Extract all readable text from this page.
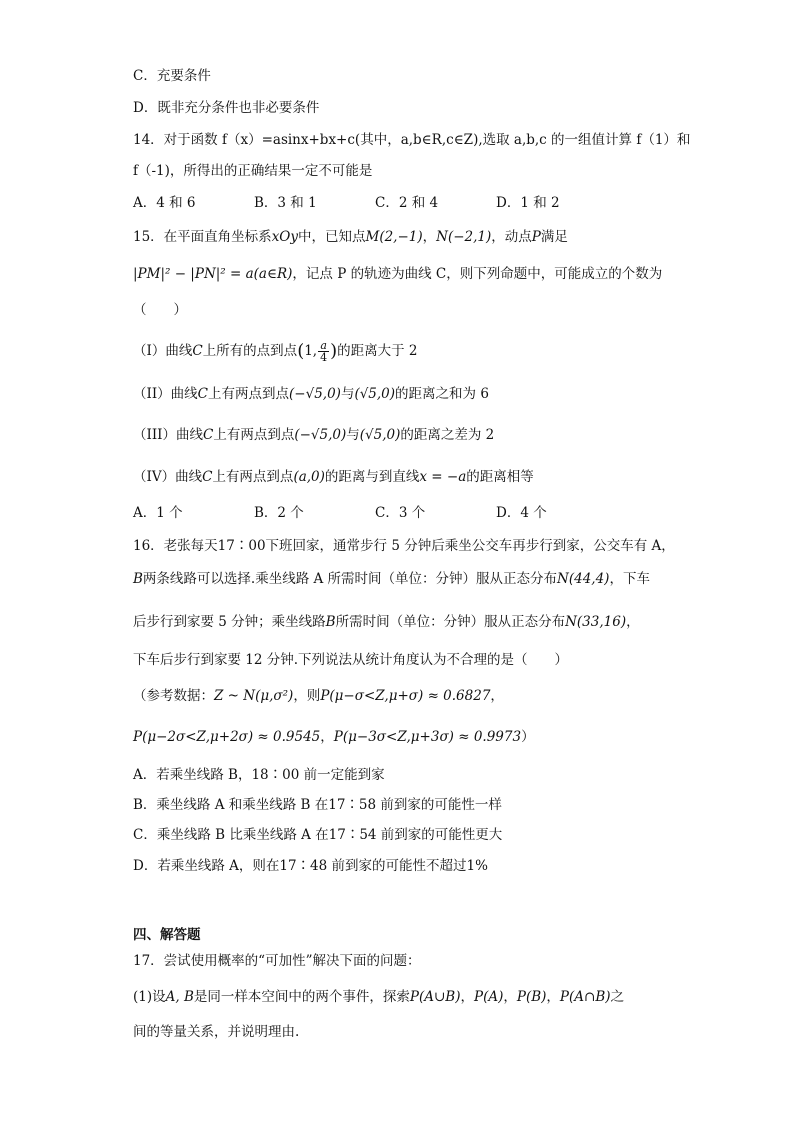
C．充要条件
D．既非充分条件也非必要条件
14．对于函数 f（x）=asinx+bx+c(其中，a,b∈R,c∈Z),选取 a,b,c 的一组值计算 f（1）和
f（-1)，所得出的正确结果一定不可能是
A．4 和 6	B．3 和 1	C．2 和 4	D．1 和 2
15．在平面直角坐标系xOy中，已知点M(2,−1)，N(−2,1)，动点P满足
|PM|² − |PN|² = a(a∈R)，记点 P 的轨迹为曲线 C，则下列命题中，可能成立的个数为
（　　）
（I）曲线C上所有的点到点(1, $\frac{a}{4}$ )的距离大于 2
（II）曲线C上有两点到点(−√5,0)与(√5,0)的距离之和为 6
（III）曲线C上有两点到点(−√5,0)与(√5,0)的距离之差为 2
（IV）曲线C上有两点到点(a,0)的距离与到直线x = −a的距离相等
A．1 个	B．2 个	C．3 个	D．4 个
16．老张每天17∶00下班回家，通常步行 5 分钟后乘坐公交车再步行到家，公交车有 A，
B两条线路可以选择.乘坐线路 A 所需时间（单位：分钟）服从正态分布N(44,4)，下车
后步行到家要 5 分钟；乘坐线路B所需时间（单位：分钟）服从正态分布N(33,16)，
下车后步行到家要 12 分钟.下列说法从统计角度认为不合理的是（　　）
（参考数据：Z ~ N(μ,σ²)，则P(μ−σ<Z,μ+σ) ≈ 0.6827，
P(μ−2σ<Z,μ+2σ) ≈ 0.9545，P(μ−3σ<Z,μ+3σ) ≈ 0.9973）
A．若乘坐线路 B，18∶00 前一定能到家
B．乘坐线路 A 和乘坐线路 B 在17∶58 前到家的可能性一样
C．乘坐线路 B 比乘坐线路 A 在17∶54 前到家的可能性更大
D．若乘坐线路 A，则在17∶48 前到家的可能性不超过1%
四、解答题
17．尝试使用概率的“可加性”解决下面的问题：
(1)设A, B是同一样本空间中的两个事件，探索P(A∪B)，P(A)，P(B)，P(A∩B)之
间的等量关系，并说明理由.
